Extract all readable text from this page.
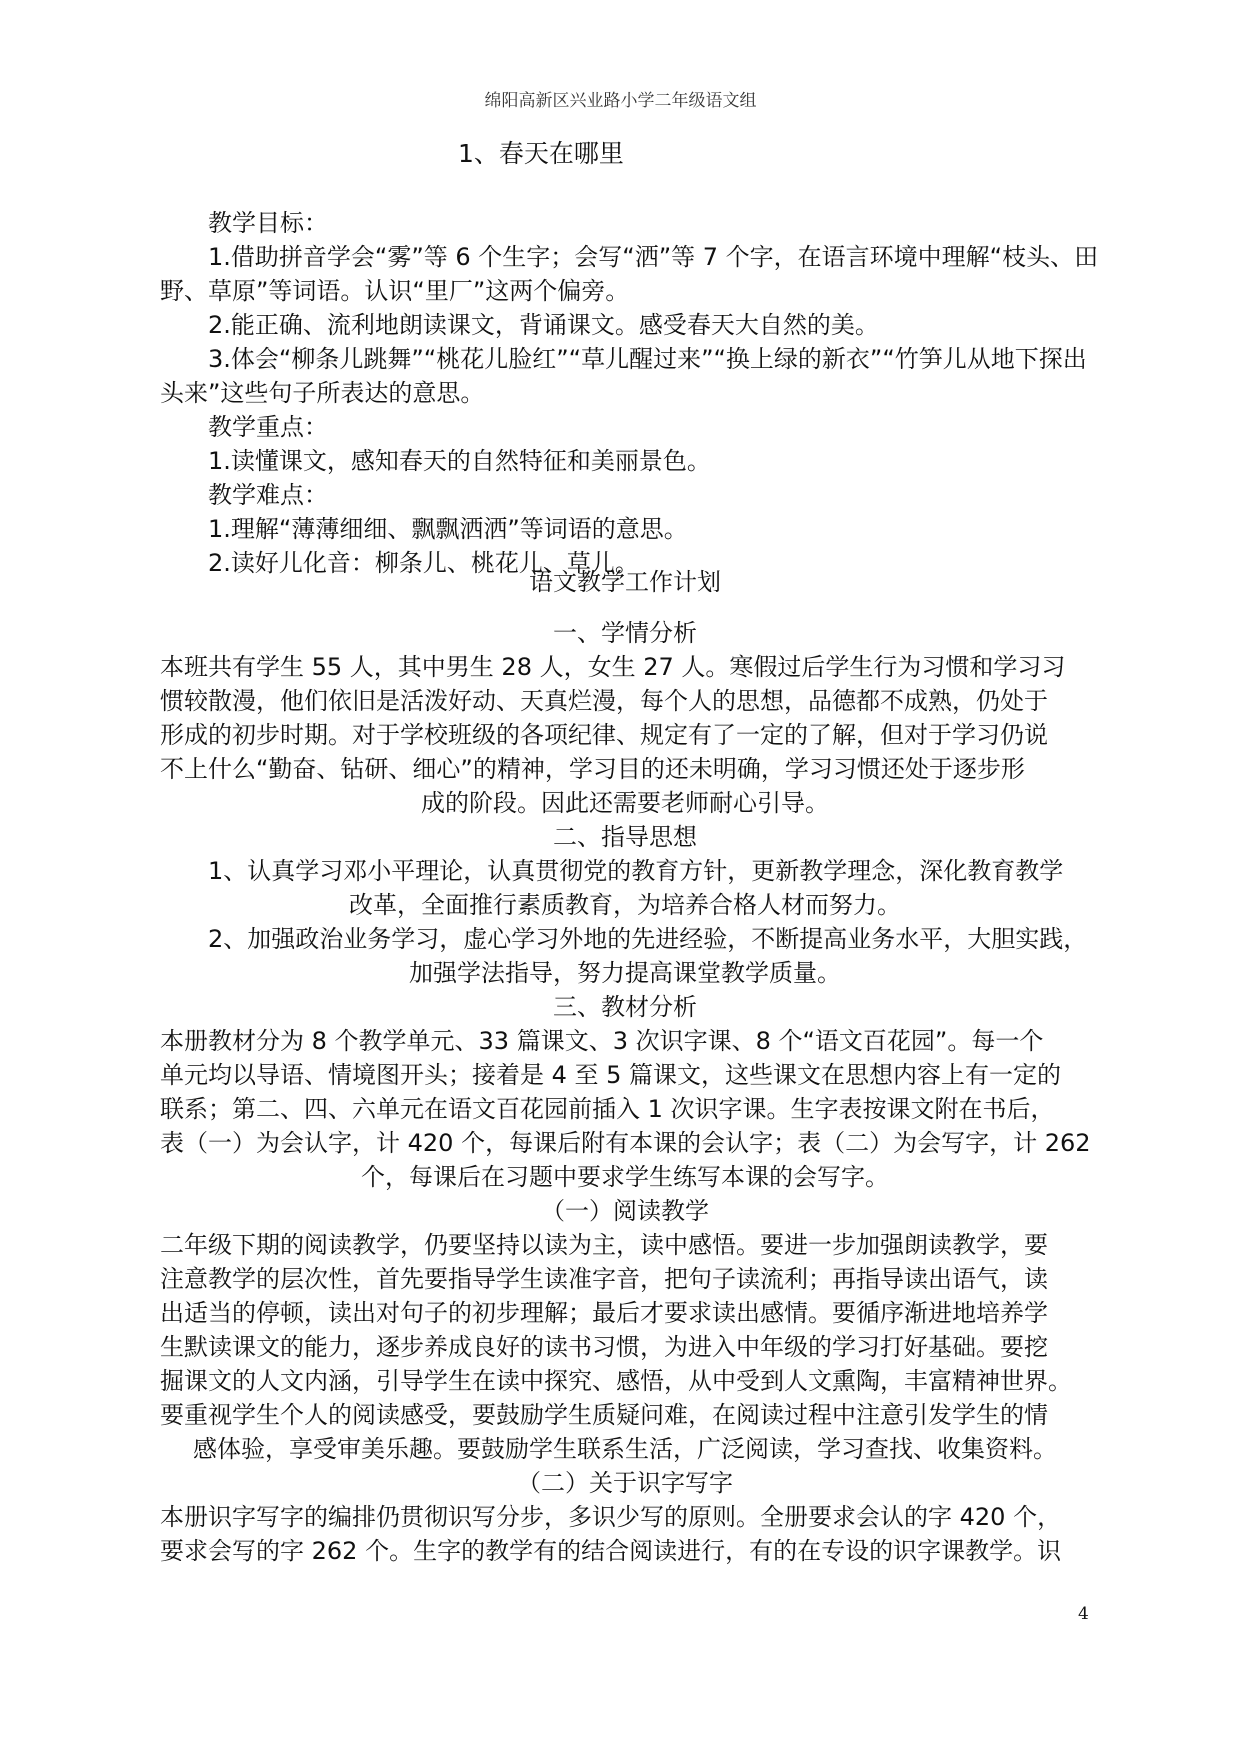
绵阳高新区兴业路小学二年级语文组
1、春天在哪里
教学目标：
1.借助拼音学会“雾”等 6 个生字；会写“洒”等 7 个字，在语言环境中理解“枝头、田
野、草原”等词语。认识“里厂”这两个偏旁。
2.能正确、流利地朗读课文，背诵课文。感受春天大自然的美。
3.体会“柳条儿跳舞”“桃花儿脸红”“草儿醒过来”“换上绿的新衣”“竹笋儿从地下探出
头来”这些句子所表达的意思。
教学重点：
1.读懂课文，感知春天的自然特征和美丽景色。
教学难点：
1.理解“薄薄细细、飘飘洒洒”等词语的意思。
2.读好儿化音：柳条儿、桃花儿、草儿。
语文教学工作计划
一、学情分析
本班共有学生 55 人，其中男生 28 人，女生 27 人。寒假过后学生行为习惯和学习习
惯较散漫，他们依旧是活泼好动、天真烂漫，每个人的思想，品德都不成熟，仍处于
形成的初步时期。对于学校班级的各项纪律、规定有了一定的了解，但对于学习仍说
不上什么“勤奋、钻研、细心”的精神，学习目的还未明确，学习习惯还处于逐步形
成的阶段。因此还需要老师耐心引导。
二、指导思想
1、认真学习邓小平理论，认真贯彻党的教育方针，更新教学理念，深化教育教学
改革，全面推行素质教育，为培养合格人材而努力。
2、加强政治业务学习，虚心学习外地的先进经验，不断提高业务水平，大胆实践，
加强学法指导，努力提高课堂教学质量。
三、教材分析
本册教材分为 8 个教学单元、33 篇课文、3 次识字课、8 个“语文百花园”。每一个
单元均以导语、情境图开头；接着是 4 至 5 篇课文，这些课文在思想内容上有一定的
联系；第二、四、六单元在语文百花园前插入 1 次识字课。生字表按课文附在书后，
表（一）为会认字，计 420 个，每课后附有本课的会认字；表（二）为会写字，计 262
个，每课后在习题中要求学生练写本课的会写字。
（一）阅读教学
二年级下期的阅读教学，仍要坚持以读为主，读中感悟。要进一步加强朗读教学，要
注意教学的层次性，首先要指导学生读准字音，把句子读流利；再指导读出语气，读
出适当的停顿，读出对句子的初步理解；最后才要求读出感情。要循序渐进地培养学
生默读课文的能力，逐步养成良好的读书习惯，为进入中年级的学习打好基础。要挖
掘课文的人文内涵，引导学生在读中探究、感悟，从中受到人文熏陶，丰富精神世界。
要重视学生个人的阅读感受，要鼓励学生质疑问难，在阅读过程中注意引发学生的情
感体验，享受审美乐趣。要鼓励学生联系生活，广泛阅读，学习查找、收集资料。
（二）关于识字写字
本册识字写字的编排仍贯彻识写分步，多识少写的原则。全册要求会认的字 420 个，
要求会写的字 262 个。生字的教学有的结合阅读进行，有的在专设的识字课教学。识
4
